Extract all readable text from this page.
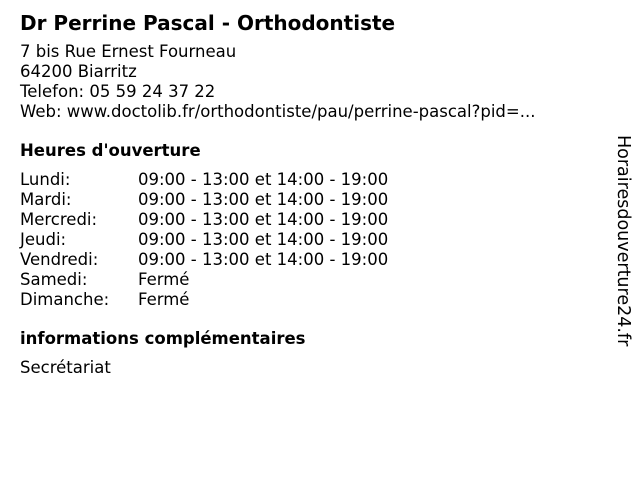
Dr Perrine Pascal - Orthodontiste
7 bis Rue Ernest Fourneau
64200 Biarritz
Telefon: 05 59 24 37 22
Web: www.doctolib.fr/orthodontiste/pau/perrine-pascal?pid=...
Heures d'ouverture
Lundi:	09:00 - 13:00 et 14:00 - 19:00
Mardi:	09:00 - 13:00 et 14:00 - 19:00
Mercredi:	09:00 - 13:00 et 14:00 - 19:00
Jeudi:	09:00 - 13:00 et 14:00 - 19:00
Vendredi:	09:00 - 13:00 et 14:00 - 19:00
Samedi:	Fermé
Dimanche:	Fermé
informations complémentaires
Secrétariat
Horairesdouverture24.fr
